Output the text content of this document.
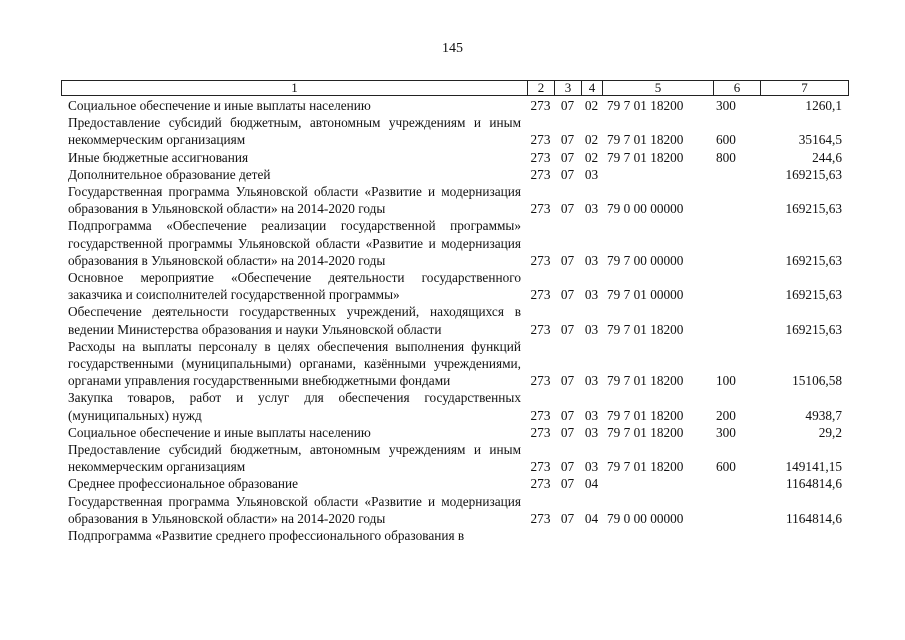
145
1	2	3	4	5	6	7
Социальное обеспечение и иные выплаты населению	273 07 02 79 7 01 18200	300	1260,1
Предоставление субсидий бюджетным, автономным учреждениям и иным некоммерческим организациям	273 07 02 79 7 01 18200	600	35164,5
Иные бюджетные ассигнования	273 07 02 79 7 01 18200	800	244,6
Дополнительное образование детей	273 07 03	169215,63
Государственная программа Ульяновской области «Развитие и модернизация образования в Ульяновской области» на 2014-2020 годы	273 07 03 79 0 00 00000	169215,63
Подпрограмма «Обеспечение реализации государственной программы» государственной программы Ульяновской области «Развитие и модернизация образования в Ульяновской области» на 2014-2020 годы	273 07 03 79 7 00 00000	169215,63
Основное мероприятие «Обеспечение деятельности государственного заказчика и соисполнителей государственной программы»	273 07 03 79 7 01 00000	169215,63
Обеспечение деятельности государственных учреждений, находящихся в ведении Министерства образования и науки Ульяновской области	273 07 03 79 7 01 18200	169215,63
Расходы на выплаты персоналу в целях обеспечения выполнения функций государственными (муниципальными) органами, казёнными учреждениями, органами управления государственными внебюджетными фондами	273 07 03 79 7 01 18200	100	15106,58
Закупка товаров, работ и услуг для обеспечения государственных (муниципальных) нужд	273 07 03 79 7 01 18200	200	4938,7
Социальное обеспечение и иные выплаты населению	273 07 03 79 7 01 18200	300	29,2
Предоставление субсидий бюджетным, автономным учреждениям и иным некоммерческим организациям	273 07 03 79 7 01 18200	600	149141,15
Среднее профессиональное образование	273 07 04	1164814,6
Государственная программа Ульяновской области «Развитие и модернизация образования в Ульяновской области» на 2014-2020 годы	273 07 04 79 0 00 00000	1164814,6
Подпрограмма «Развитие среднего профессионального образования в
